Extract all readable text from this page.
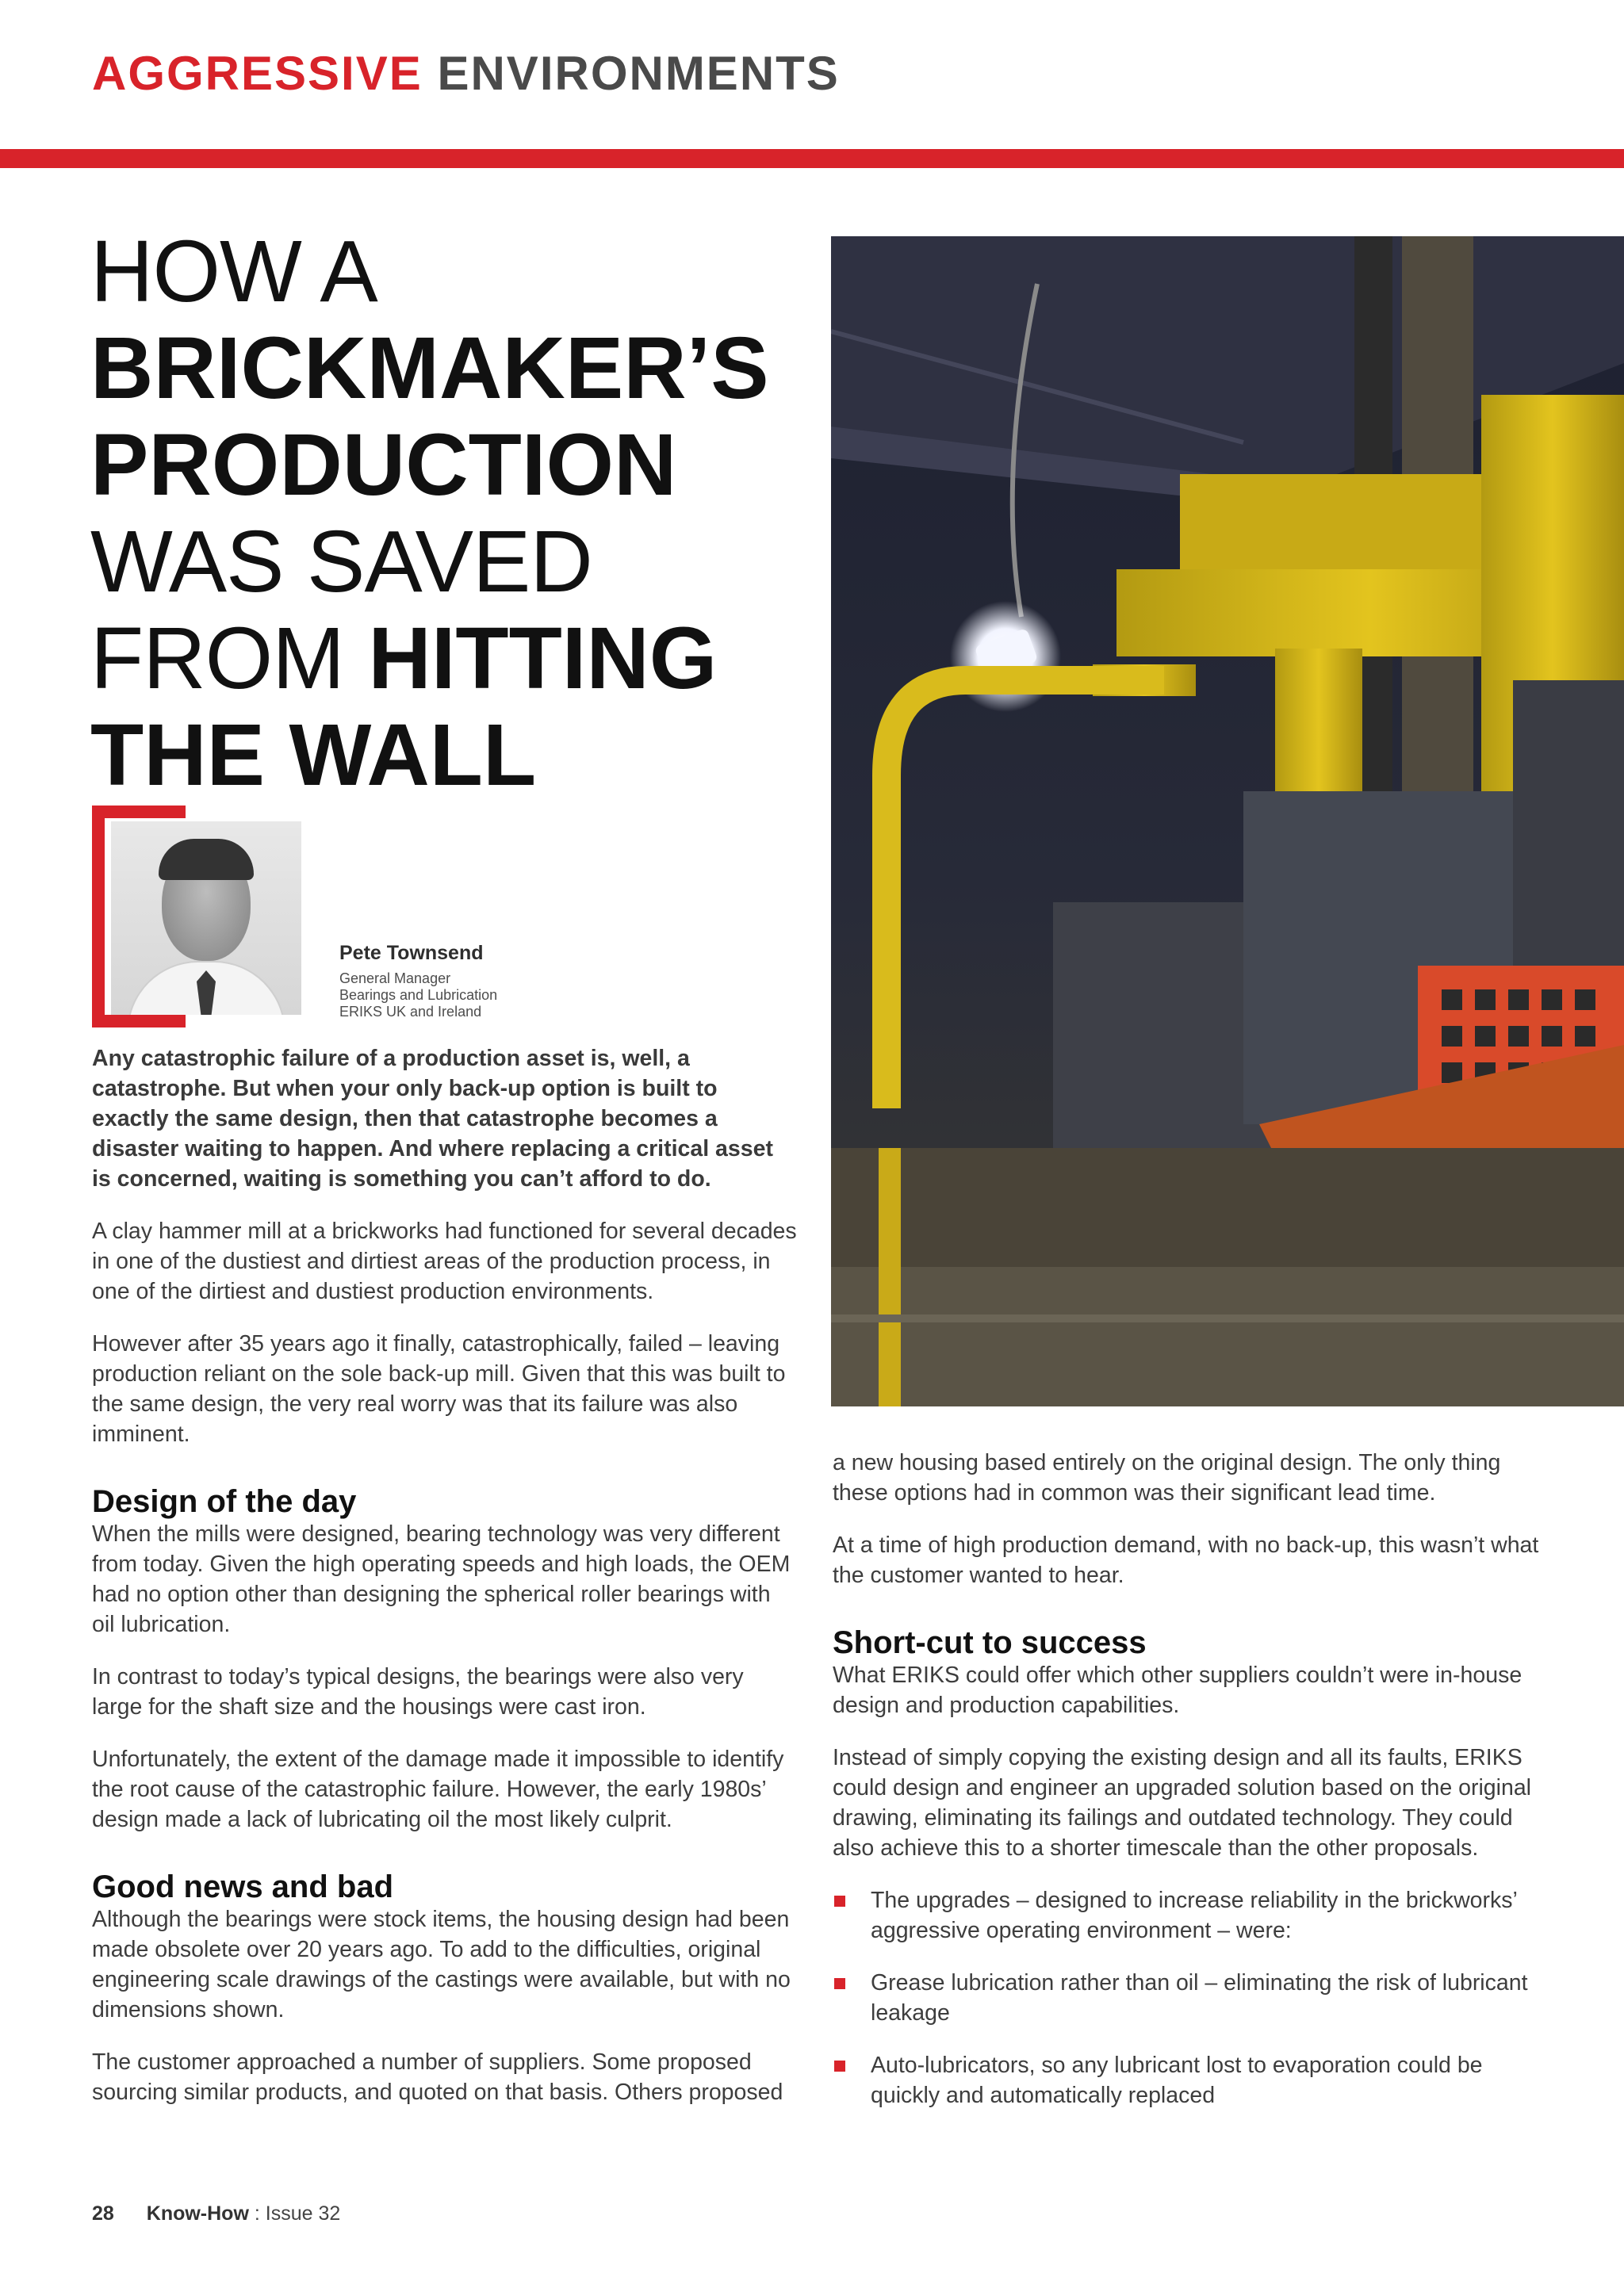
AGGRESSIVE ENVIRONMENTS
HOW A
BRICKMAKER’S
PRODUCTION
WAS SAVED
FROM HITTING
THE WALL
Pete Townsend
General Manager
Bearings and Lubrication
ERIKS UK and Ireland

Any catastrophic failure of a production asset is, well, a catastrophe. But when your only back-up option is built to exactly the same design, then that catastrophe becomes a disaster waiting to happen. And where replacing a critical asset is concerned, waiting is something you can’t afford to do.

A clay hammer mill at a brickworks had functioned for several decades in one of the dustiest and dirtiest areas of the production process, in one of the dirtiest and dustiest production environments.

However after 35 years ago it finally, catastrophically, failed – leaving production reliant on the sole back-up mill. Given that this was built to the same design, the very real worry was that its failure was also imminent.

Design of the day

When the mills were designed, bearing technology was very different from today. Given the high operating speeds and high loads, the OEM had no option other than designing the spherical roller bearings with oil lubrication.

In contrast to today’s typical designs, the bearings were also very large for the shaft size and the housings were cast iron.

Unfortunately, the extent of the damage made it impossible to identify the root cause of the catastrophic failure. However, the early 1980s’ design made a lack of lubricating oil the most likely culprit.

Good news and bad

Although the bearings were stock items, the housing design had been made obsolete over 20 years ago. To add to the difficulties, original engineering scale drawings of the castings were available, but with no dimensions shown.

The customer approached a number of suppliers. Some proposed sourcing similar products, and quoted on that basis. Others proposed

a new housing based entirely on the original design. The only thing these options had in common was their significant lead time.

At a time of high production demand, with no back-up, this wasn’t what the customer wanted to hear.

Short-cut to success

What ERIKS could offer which other suppliers couldn’t were in-house design and production capabilities.

Instead of simply copying the existing design and all its faults, ERIKS could design and engineer an upgraded solution based on the original drawing, eliminating its failings and outdated technology. They could also achieve this to a shorter timescale than the other proposals.

The upgrades – designed to increase reliability in the brickworks’ aggressive operating environment – were:
Grease lubrication rather than oil – eliminating the risk of lubricant leakage
Auto-lubricators, so any lubricant lost to evaporation could be quickly and automatically replaced
28 Know-How : Issue 32
